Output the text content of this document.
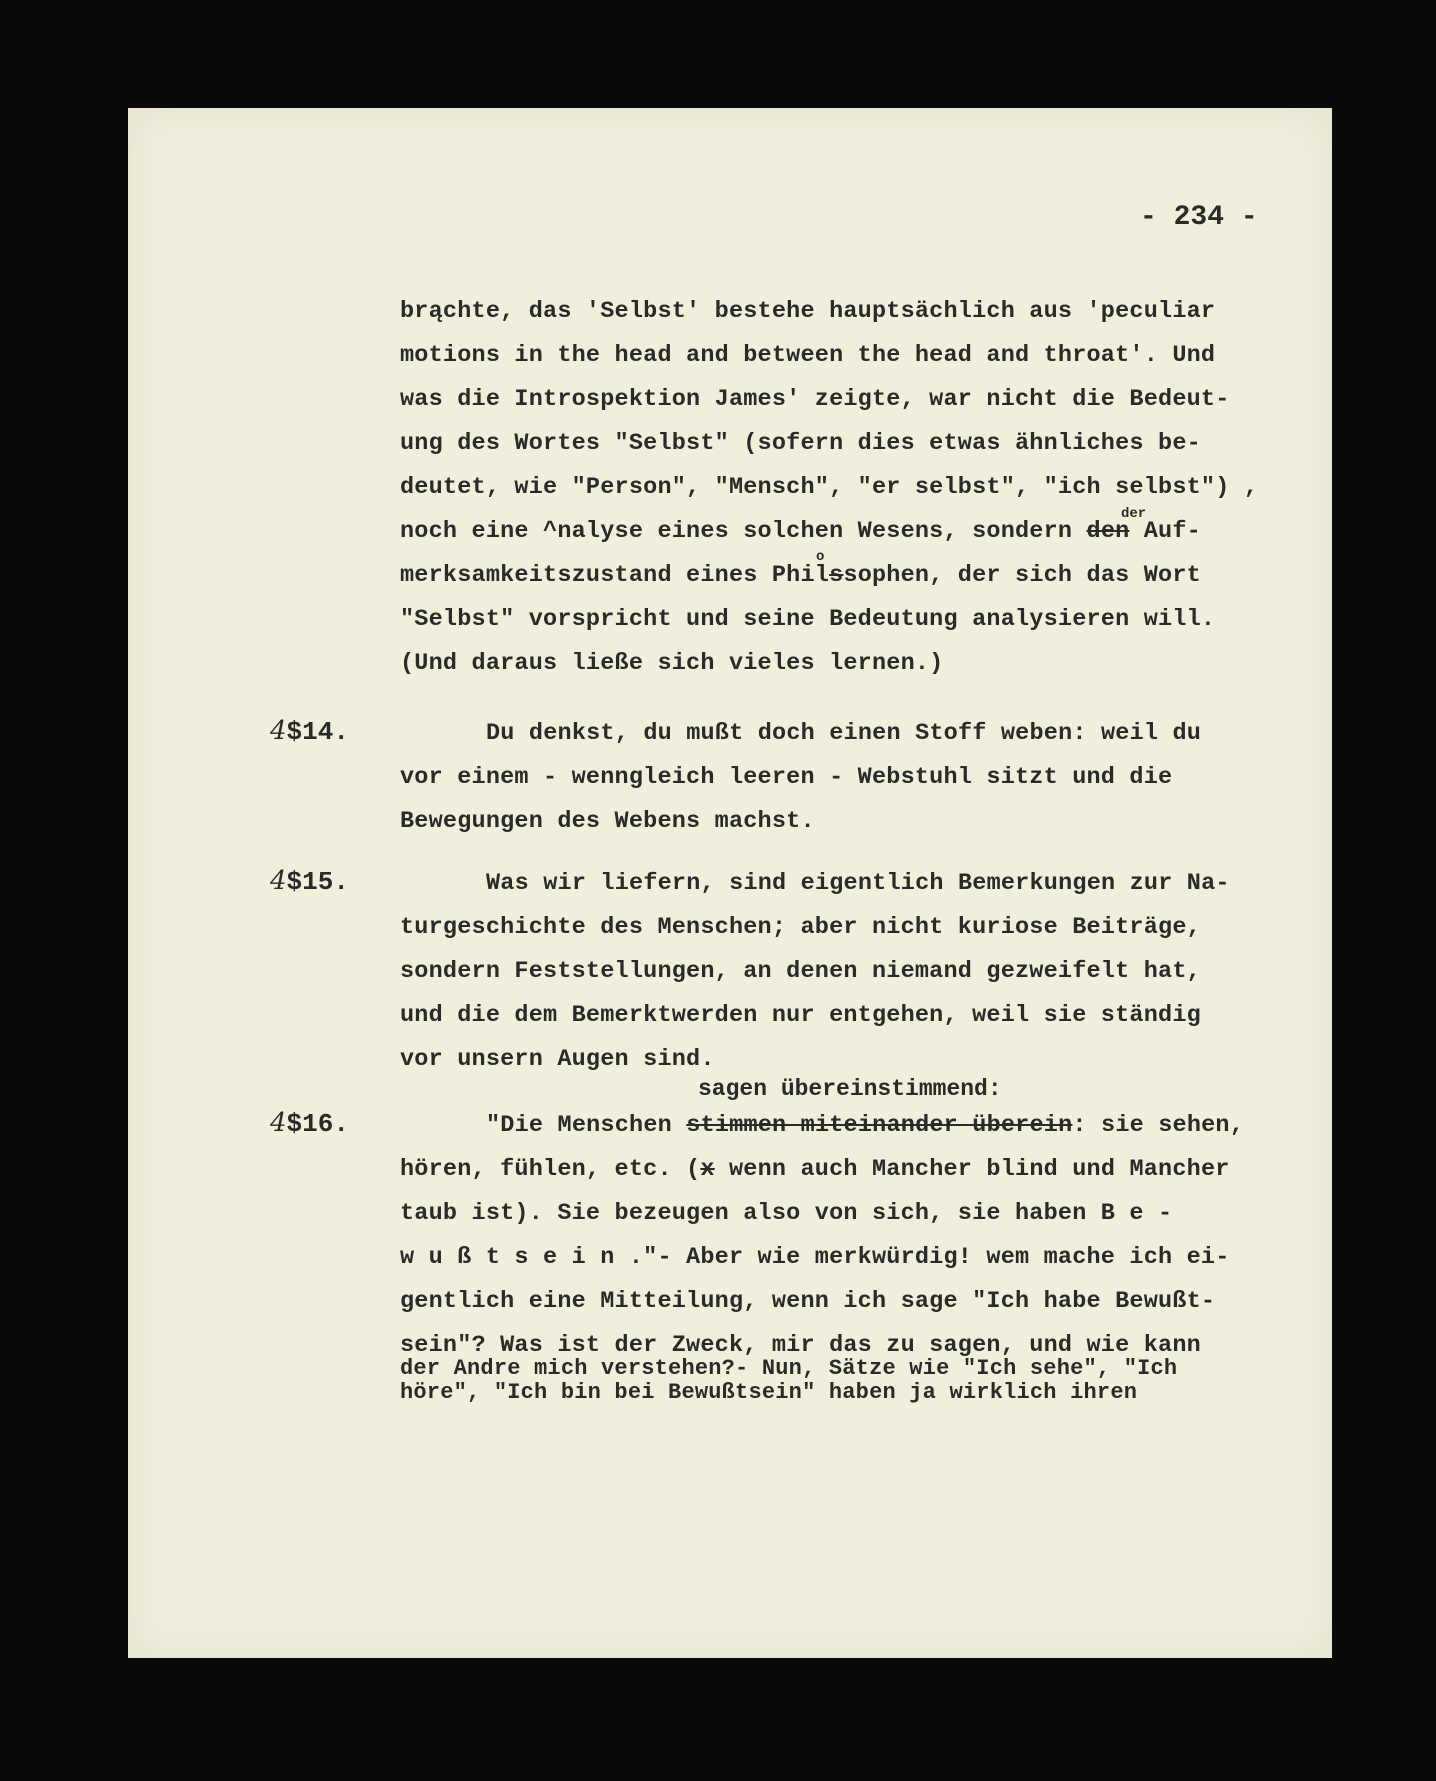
- 234 -
brąchte, das 'Selbst' bestehe hauptsächlich aus 'peculiar
motions in the head and between the head and throat'. Und
was die Introspektion James' zeigte, war nicht die Bedeut-
ung des Wortes "Selbst" (sofern dies etwas ähnliches be-
deutet, wie "Person", "Mensch", "er selbst", "ich selbst") ,
noch eine ^nalyse eines solchen Wesens, sondern den Auf-
der
merksamkeitszustand eines Philssophen, der sich das Wort
o
"Selbst" vorspricht und seine Bedeutung analysieren will.
(Und daraus ließe sich vieles lernen.)
4$14.	Du denkst, du mußt doch einen Stoff weben: weil du
vor einem - wenngleich leeren - Webstuhl sitzt und die
Bewegungen des Webens machst.
4$15.	Was wir liefern, sind eigentlich Bemerkungen zur Na-
turgeschichte des Menschen; aber nicht kuriose Beiträge,
sondern Feststellungen, an denen niemand gezweifelt hat,
und die dem Bemerktwerden nur entgehen, weil sie ständig
vor unsern Augen sind.
sagen übereinstimmend:
4$16.	"Die Menschen stimmen miteinander überein: sie sehen,
hören, fühlen, etc. (x wenn auch Mancher blind und Mancher
taub ist). Sie bezeugen also von sich, sie haben B e -
w u ß t s e i n ."- Aber wie merkwürdig! wem mache ich ei-
gentlich eine Mitteilung, wenn ich sage "Ich habe Bewußt-
sein"? Was ist der Zweck, mir das zu sagen, und wie kann
der Andre mich verstehen?- Nun, Sätze wie "Ich sehe", "Ich
höre", "Ich bin bei Bewußtsein" haben ja wirklich ihren
